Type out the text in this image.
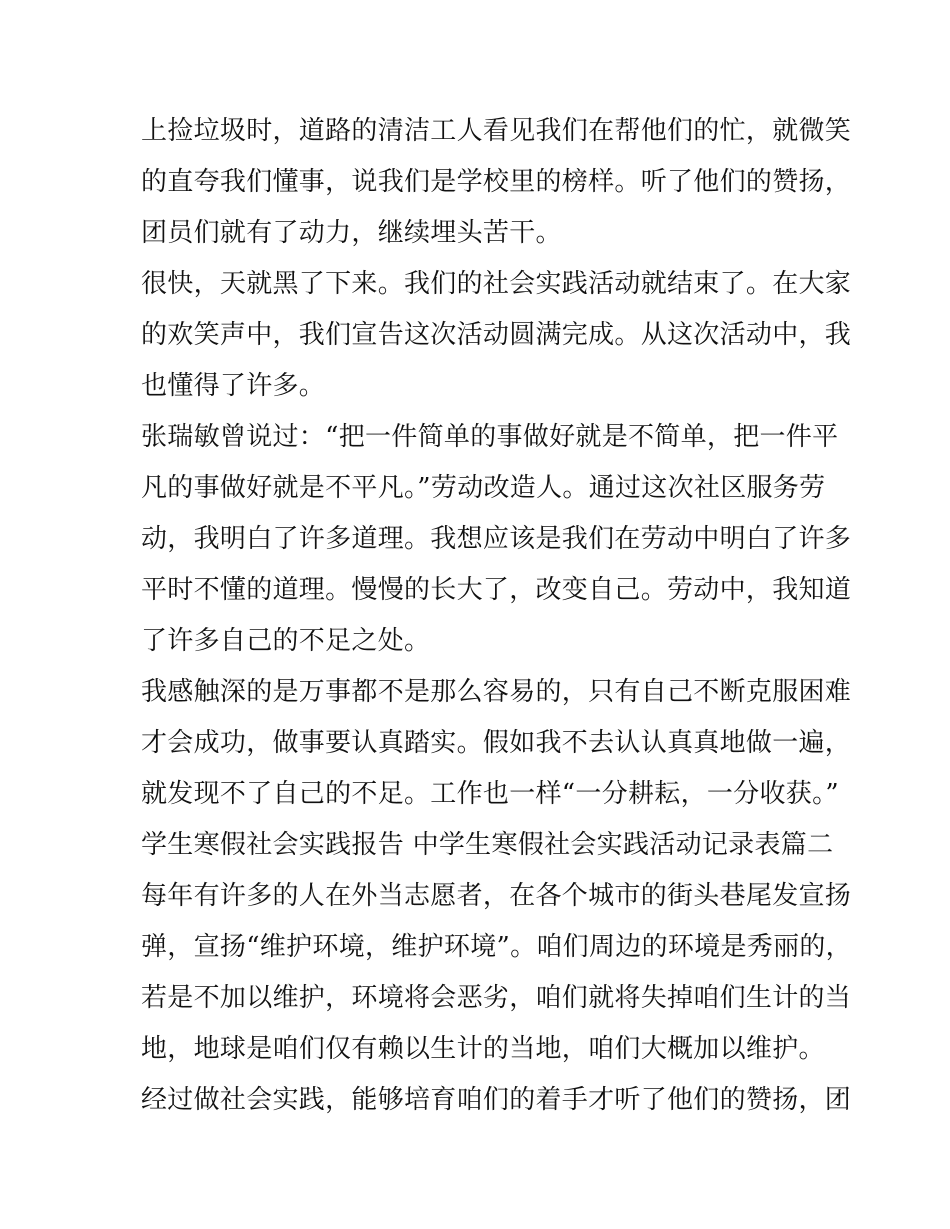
上捡垃圾时，道路的清洁工人看见我们在帮他们的忙，就微笑
的直夸我们懂事，说我们是学校里的榜样。听了他们的赞扬，
团员们就有了动力，继续埋头苦干。
很快，天就黑了下来。我们的社会实践活动就结束了。在大家
的欢笑声中，我们宣告这次活动圆满完成。从这次活动中，我
也懂得了许多。
张瑞敏曾说过：“把一件简单的事做好就是不简单，把一件平
凡的事做好就是不平凡。”劳动改造人。通过这次社区服务劳
动，我明白了许多道理。我想应该是我们在劳动中明白了许多
平时不懂的道理。慢慢的长大了，改变自己。劳动中，我知道
了许多自己的不足之处。
我感触深的是万事都不是那么容易的，只有自己不断克服困难
才会成功，做事要认真踏实。假如我不去认认真真地做一遍，
就发现不了自己的不足。工作也一样“一分耕耘，一分收获。”
学生寒假社会实践报告 中学生寒假社会实践活动记录表篇二
每年有许多的人在外当志愿者，在各个城市的街头巷尾发宣扬
弹，宣扬“维护环境，维护环境”。咱们周边的环境是秀丽的，
若是不加以维护，环境将会恶劣，咱们就将失掉咱们生计的当
地，地球是咱们仅有赖以生计的当地，咱们大概加以维护。
经过做社会实践，能够培育咱们的着手才听了他们的赞扬，团
